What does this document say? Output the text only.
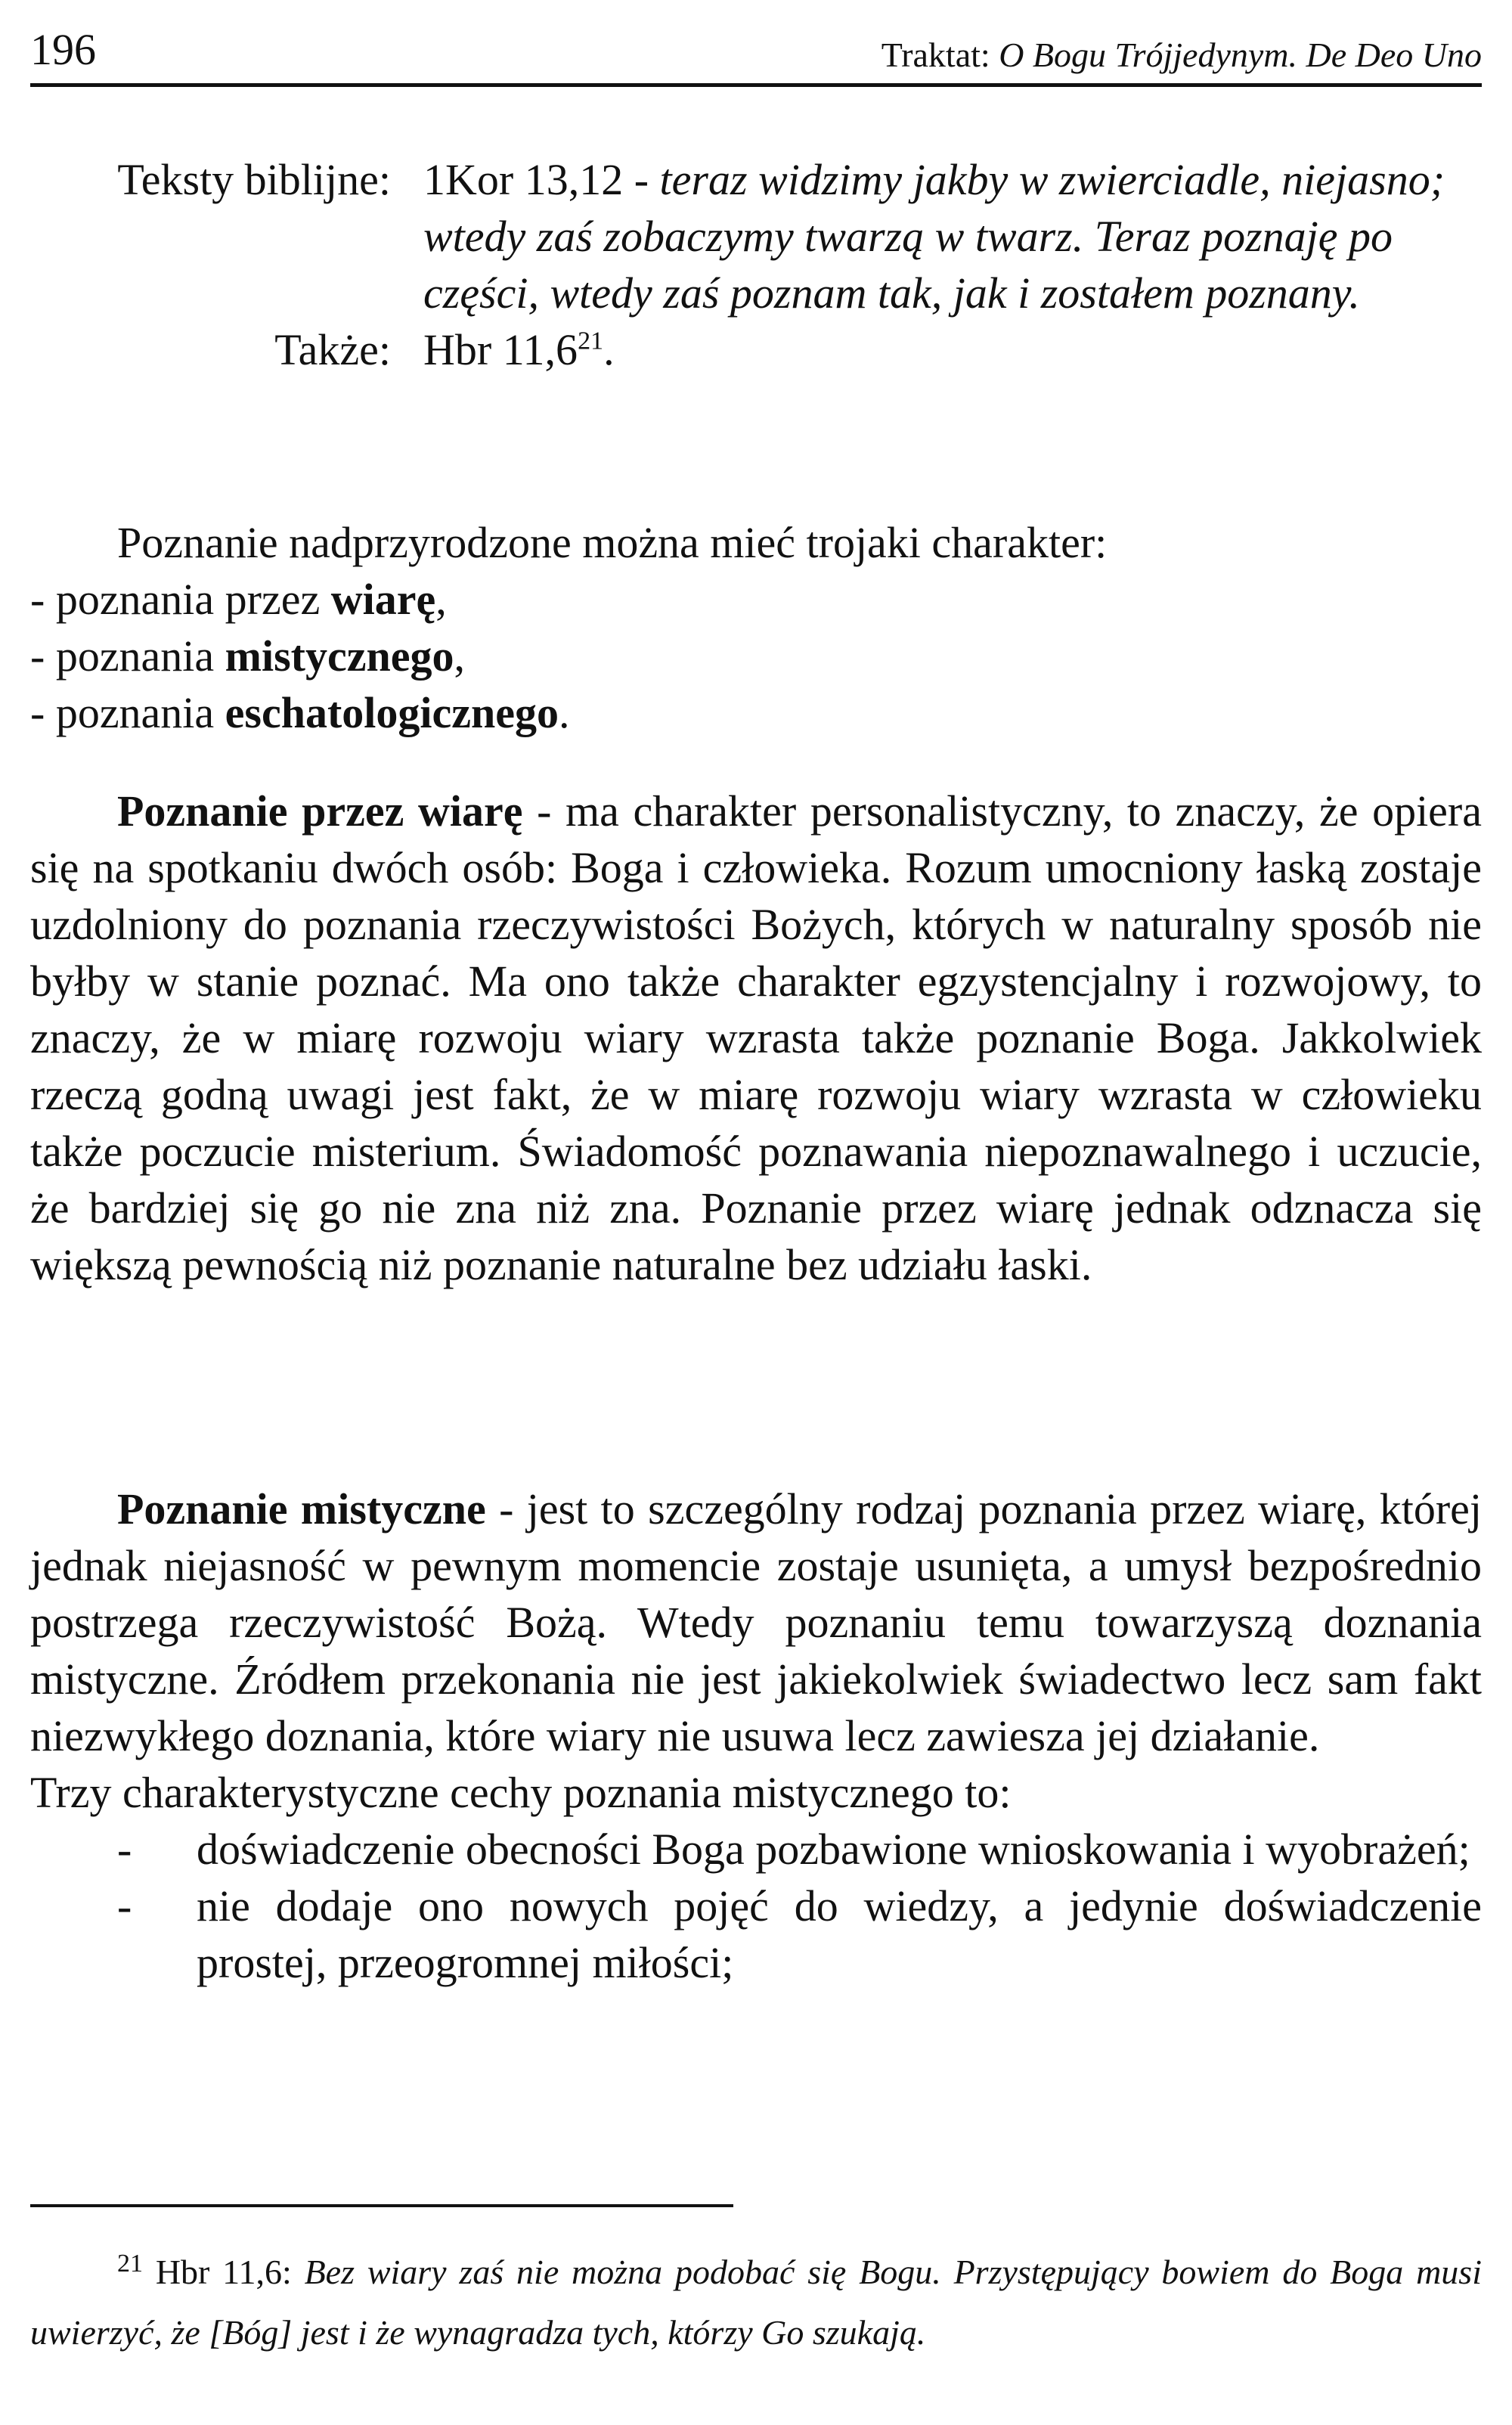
196	Traktat: O Bogu Trójjedynym. De Deo Uno
Teksty biblijne: 1Kor 13,12 - teraz widzimy jakby w zwierciadle, niejasno; wtedy zaś zobaczymy twarzą w twarz. Teraz poznaję po części, wtedy zaś poznam tak, jak i zostałem poznany.
Także: Hbr 11,6$^{21}$.
Poznanie nadprzyrodzone można mieć trojaki charakter:
- poznania przez wiarę,
- poznania mistycznego,
- poznania eschatologicznego.
Poznanie przez wiarę - ma charakter personalistyczny, to znaczy, że opiera się na spotkaniu dwóch osób: Boga i człowieka. Rozum umocniony łaską zostaje uzdolniony do poznania rzeczywistości Bożych, których w naturalny sposób nie byłby w stanie poznać. Ma ono także charakter egzystencjalny i rozwojowy, to znaczy, że w miarę rozwoju wiary wzrasta także poznanie Boga. Jakkolwiek rzeczą godną uwagi jest fakt, że w miarę rozwoju wiary wzrasta w człowieku także poczucie misterium. Świadomość poznawania niepoznawalnego i uczucie, że bardziej się go nie zna niż zna. Poznanie przez wiarę jednak odznacza się większą pewnością niż poznanie naturalne bez udziału łaski.
Poznanie mistyczne - jest to szczególny rodzaj poznania przez wiarę, której jednak niejasność w pewnym momencie zostaje usunięta, a umysł bezpośrednio postrzega rzeczywistość Bożą. Wtedy poznaniu temu towarzyszą doznania mistyczne. Źródłem przekonania nie jest jakiekolwiek świadectwo lecz sam fakt niezwykłego doznania, które wiary nie usuwa lecz zawiesza jej działanie.
Trzy charakterystyczne cechy poznania mistycznego to:
-	doświadczenie obecności Boga pozbawione wnioskowania i wyobrażeń;
-	nie dodaje ono nowych pojęć do wiedzy, a jedynie doświadczenie prostej, przeogromnej miłości;
$^{21}$ Hbr 11,6: Bez wiary zaś nie można podobać się Bogu. Przystępujący bowiem do Boga musi uwierzyć, że [Bóg] jest i że wynagradza tych, którzy Go szukają.
